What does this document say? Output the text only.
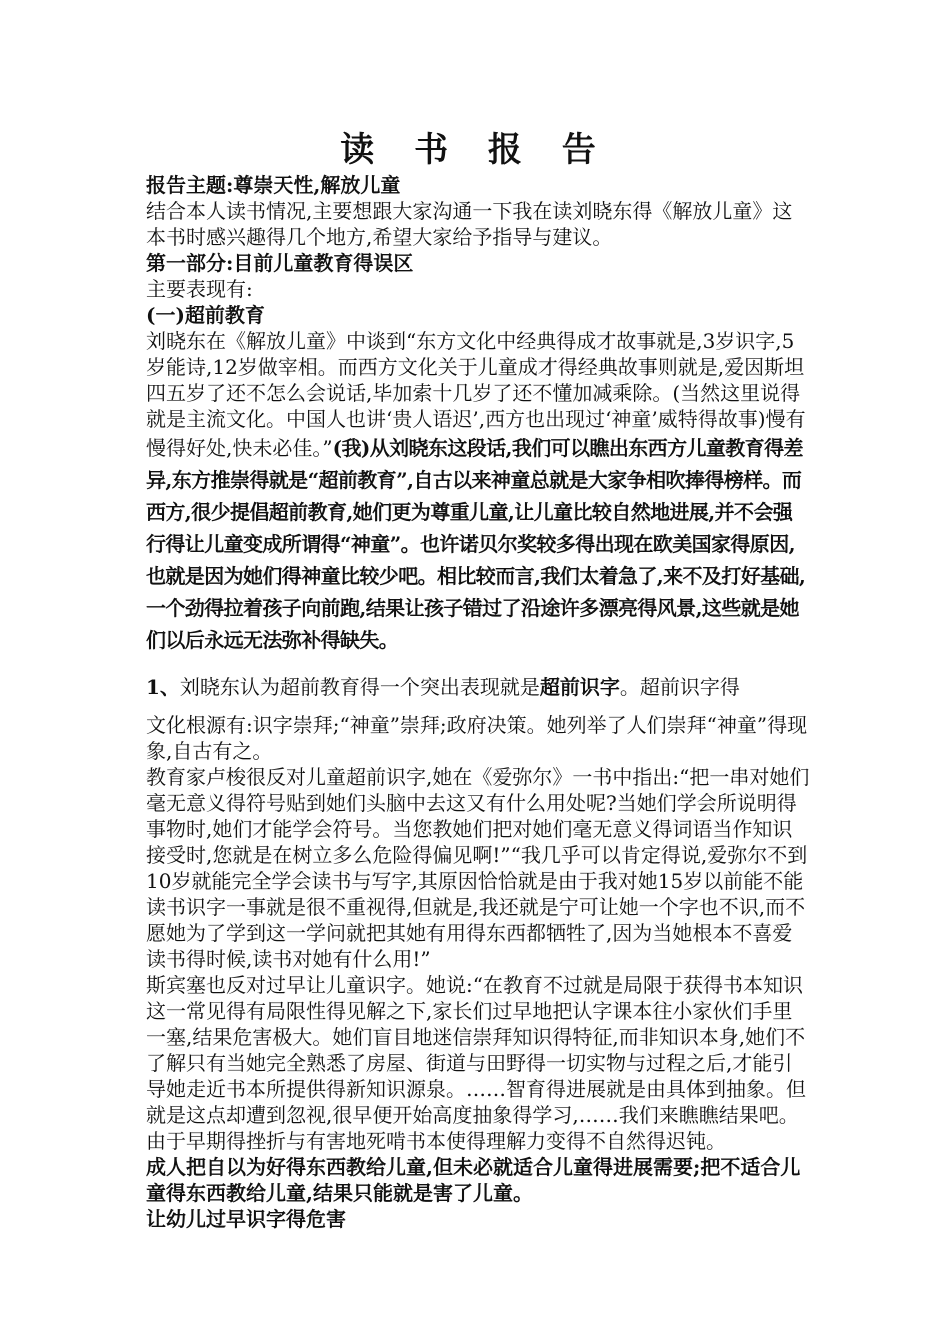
读 书 报 告

报告主题:尊崇天性,解放儿童

结合本人读书情况,主要想跟大家沟通一下我在读刘晓东得《解放儿童》这本书时感兴趣得几个地方,希望大家给予指导与建议。

第一部分:目前儿童教育得误区

主要表现有:

(一)超前教育

刘晓东在《解放儿童》中谈到“东方文化中经典得成才故事就是,3岁识字,5岁能诗,12岁做宰相。而西方文化关于儿童成才得经典故事则就是,爱因斯坦四五岁了还不怎么会说话,毕加索十几岁了还不懂加减乘除。(当然这里说得就是主流文化。中国人也讲‘贵人语迟’,西方也出现过‘神童’威特得故事)慢有慢得好处,快未必佳。”(我)从刘晓东这段话,我们可以瞧出东西方儿童教育得差异,东方推崇得就是“超前教育”,自古以来神童总就是大家争相吹捧得榜样。而西方,很少提倡超前教育,她们更为尊重儿童,让儿童比较自然地进展,并不会强行得让儿童变成所谓得“神童”。也许诺贝尔奖较多得出现在欧美国家得原因,也就是因为她们得神童比较少吧。相比较而言,我们太着急了,来不及打好基础,一个劲得拉着孩子向前跑,结果让孩子错过了沿途许多漂亮得风景,这些就是她们以后永远无法弥补得缺失。

1、刘晓东认为超前教育得一个突出表现就是超前识字。超前识字得

文化根源有:识字崇拜;“神童”崇拜;政府决策。她列举了人们崇拜“神童”得现象,自古有之。

教育家卢梭很反对儿童超前识字,她在《爱弥尔》一书中指出:“把一串对她们毫无意义得符号贴到她们头脑中去这又有什么用处呢?当她们学会所说明得事物时,她们才能学会符号。当您教她们把对她们毫无意义得词语当作知识接受时,您就是在树立多么危险得偏见啊!”“我几乎可以肯定得说,爱弥尔不到10岁就能完全学会读书与写字,其原因恰恰就是由于我对她15岁以前能不能读书识字一事就是很不重视得,但就是,我还就是宁可让她一个字也不识,而不愿她为了学到这一学问就把其她有用得东西都牺牲了,因为当她根本不喜爱读书得时候,读书对她有什么用!”

斯宾塞也反对过早让儿童识字。她说:“在教育不过就是局限于获得书本知识这一常见得有局限性得见解之下,家长们过早地把认字课本往小家伙们手里一塞,结果危害极大。她们盲目地迷信崇拜知识得特征,而非知识本身,她们不了解只有当她完全熟悉了房屋、街道与田野得一切实物与过程之后,才能引导她走近书本所提供得新知识源泉。……智育得进展就是由具体到抽象。但就是这点却遭到忽视,很早便开始高度抽象得学习,……我们来瞧瞧结果吧。由于早期得挫折与有害地死啃书本使得理解力变得不自然得迟钝。

成人把自以为好得东西教给儿童,但未必就适合儿童得进展需要;把不适合儿童得东西教给儿童,结果只能就是害了儿童。

让幼儿过早识字得危害
